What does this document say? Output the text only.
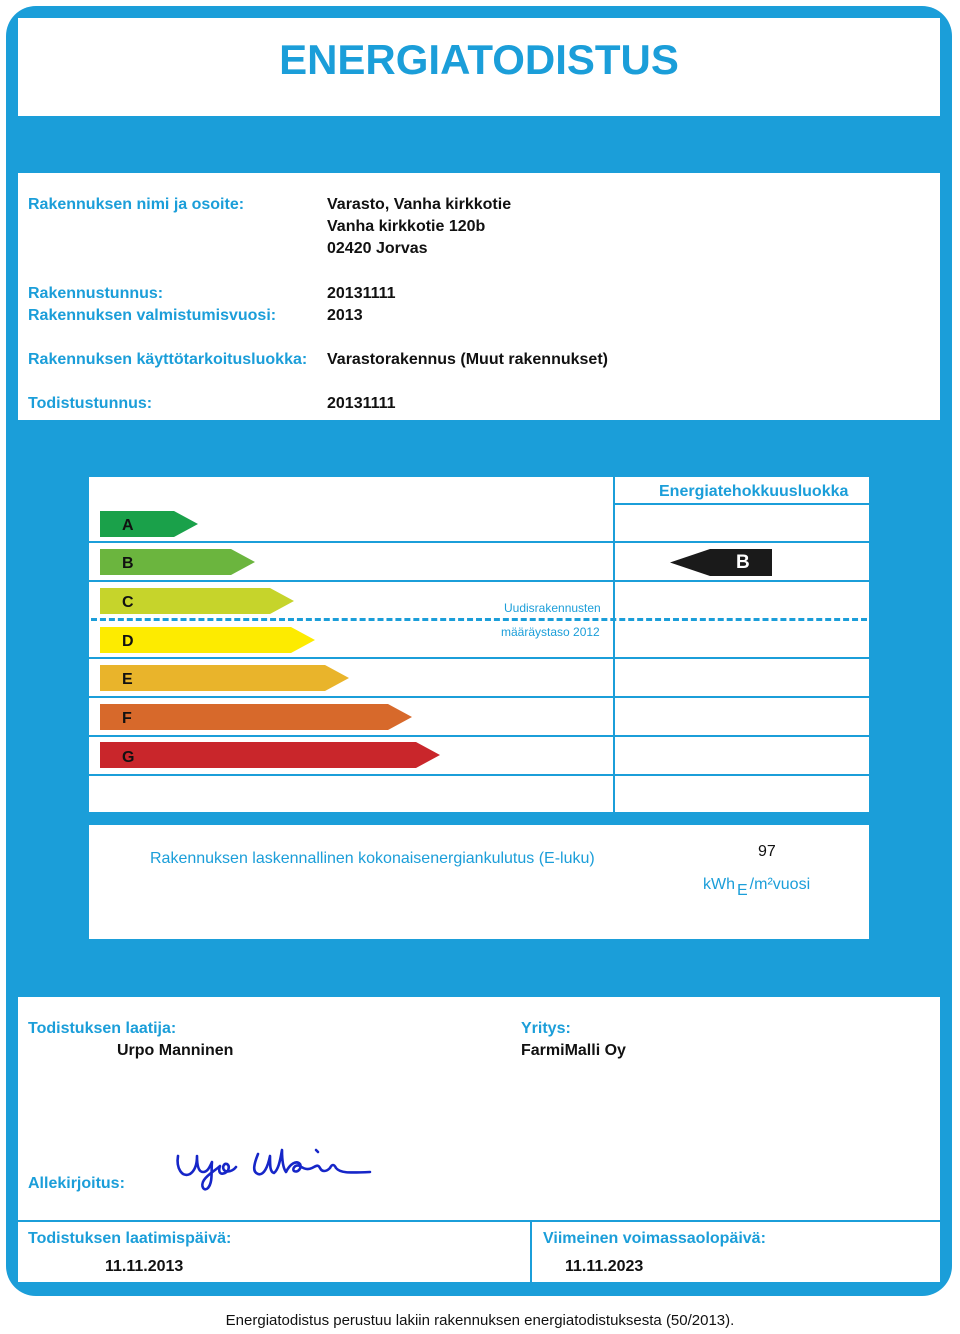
ENERGIATODISTUS
Rakennuksen nimi ja osoite:	Varasto, Vanha kirkkotie
Vanha kirkkotie 120b
02420 Jorvas
Rakennustunnus:	20131111
Rakennuksen valmistumisvuosi:	2013
Rakennuksen käyttötarkoitusluokka: Varastorakennus (Muut rakennukset)
Todistustunnus:	20131111
Energiatehokkuusluokka
A
B
C
D
E
F
G
B
Uudisrakennusten
määräystaso 2012
Rakennuksen laskennallinen kokonaisenergiankulutus (E-luku)	97
kWh E /m²vuosi
Todistuksen laatija:
Urpo Manninen
Yritys:
FarmiMalli Oy
Allekirjoitus:
Todistuksen laatimispäivä:
11.11.2013
Viimeinen voimassaolopäivä:
11.11.2023
Energiatodistus perustuu lakiin rakennuksen energiatodistuksesta (50/2013).
